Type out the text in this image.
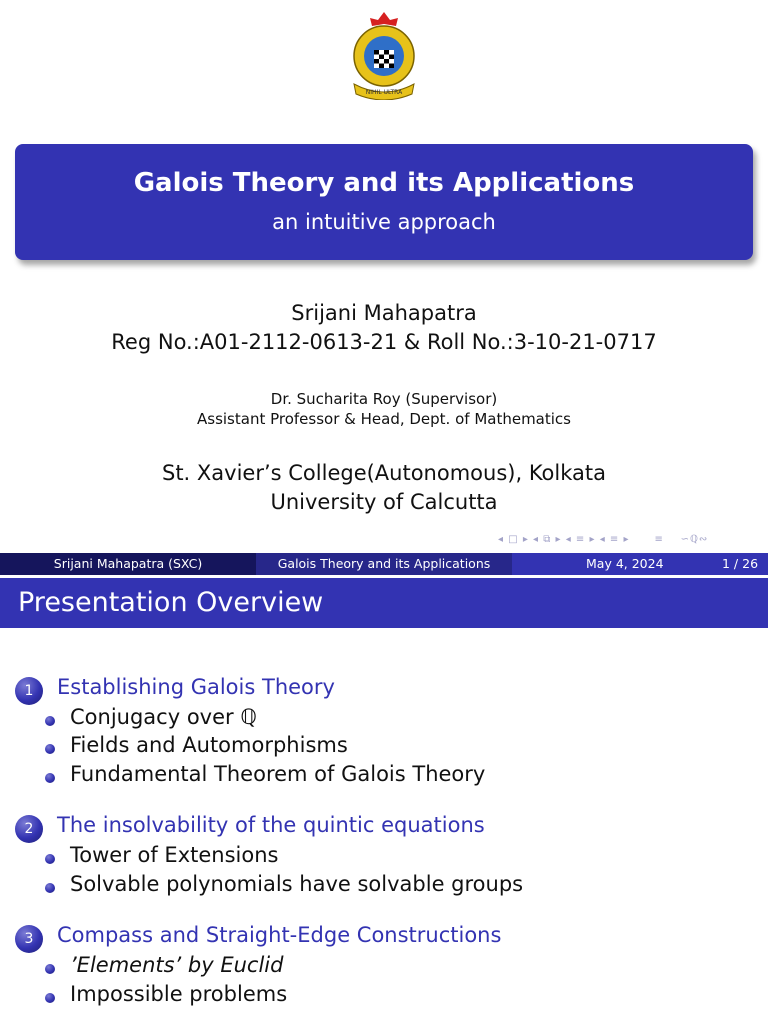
NIHIL ULTRA
Galois Theory and its Applications
an intuitive approach
Srijani Mahapatra
Reg No.:A01-2112-0613-21 & Roll No.:3-10-21-0717
Dr. Sucharita Roy (Supervisor)
Assistant Professor & Head, Dept. of Mathematics
St. Xavier’s College(Autonomous), Kolkata
University of Calcutta
◂ □ ▸ ◂ ⧉ ▸ ◂ ≡ ▸ ◂ ≡ ▸      ≡    ∽ℚ∾
Srijani Mahapatra (SXC)	Galois Theory and its Applications	May 4, 2024	1 / 26
Presentation Overview
1	Establishing Galois Theory
Conjugacy over ℚ
Fields and Automorphisms
Fundamental Theorem of Galois Theory
2	The insolvability of the quintic equations
Tower of Extensions
Solvable polynomials have solvable groups
3	Compass and Straight-Edge Constructions
’Elements’ by Euclid
Impossible problems
